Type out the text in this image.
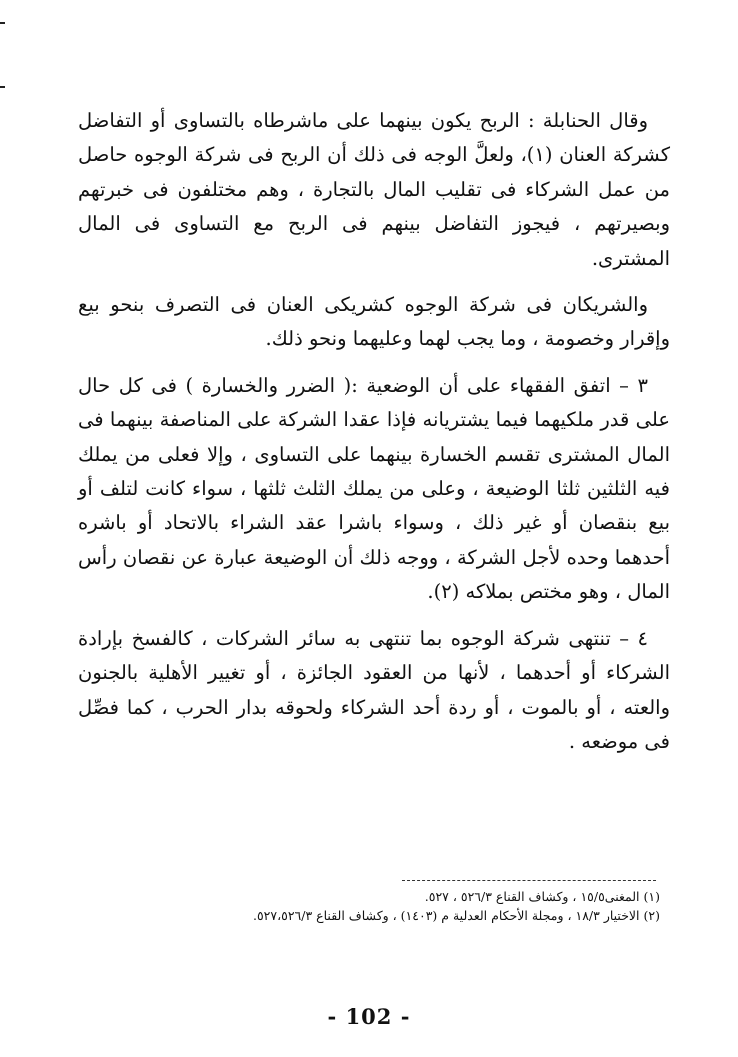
وقال الحنابلة : الربح يكون بينهما على ماشرطاه بالتساوى أو التفاضل كشركة العنان (١)، ولعلَّ الوجه فى ذلك أن الربح فى شركة الوجوه حاصل من عمل الشركاء فى تقليب المال بالتجارة ، وهم مختلفون فى خبرتهم وبصيرتهم ، فيجوز التفاضل بينهم فى الربح مع التساوى فى المال المشترى.

والشريكان فى شركة الوجوه كشريكى العنان فى التصرف بنحو بيع وإقرار وخصومة ، وما يجب لهما وعليهما ونحو ذلك.

٣ – اتفق الفقهاء على أن الوضعية :( الضرر والخسارة ) فى كل حال على قدر ملكيهما فيما يشتريانه فإذا عقدا الشركة على المناصفة بينهما فى المال المشترى تقسم الخسارة بينهما على التساوى ، وإلا فعلى من يملك فيه الثلثين ثلثا الوضيعة ، وعلى من يملك الثلث ثلثها ، سواء كانت لتلف أو بيع بنقصان أو غير ذلك ، وسواء باشرا عقد الشراء بالاتحاد أو باشره أحدهما وحده لأجل الشركة ، ووجه ذلك أن الوضيعة عبارة عن نقصان رأس المال ، وهو مختص بملاكه (٢).

٤ – تنتهى شركة الوجوه بما تنتهى به سائر الشركات ، كالفسخ بإرادة الشركاء أو أحدهما ، لأنها من العقود الجائزة ، أو تغيير الأهلية بالجنون والعته ، أو بالموت ، أو ردة أحد الشركاء ولحوقه بدار الحرب ، كما فصِّل فى موضعه .

(١) المغنى١٥/٥ ، وكشاف القناع ٥٢٦/٣ ، ٥٢٧.

(٢) الاختيار ١٨/٣ ، ومجلة الأحكام العدلية م (١٤٠٣) ، وكشاف القناع ٥٢٧،٥٢٦/٣.

- 102 -
